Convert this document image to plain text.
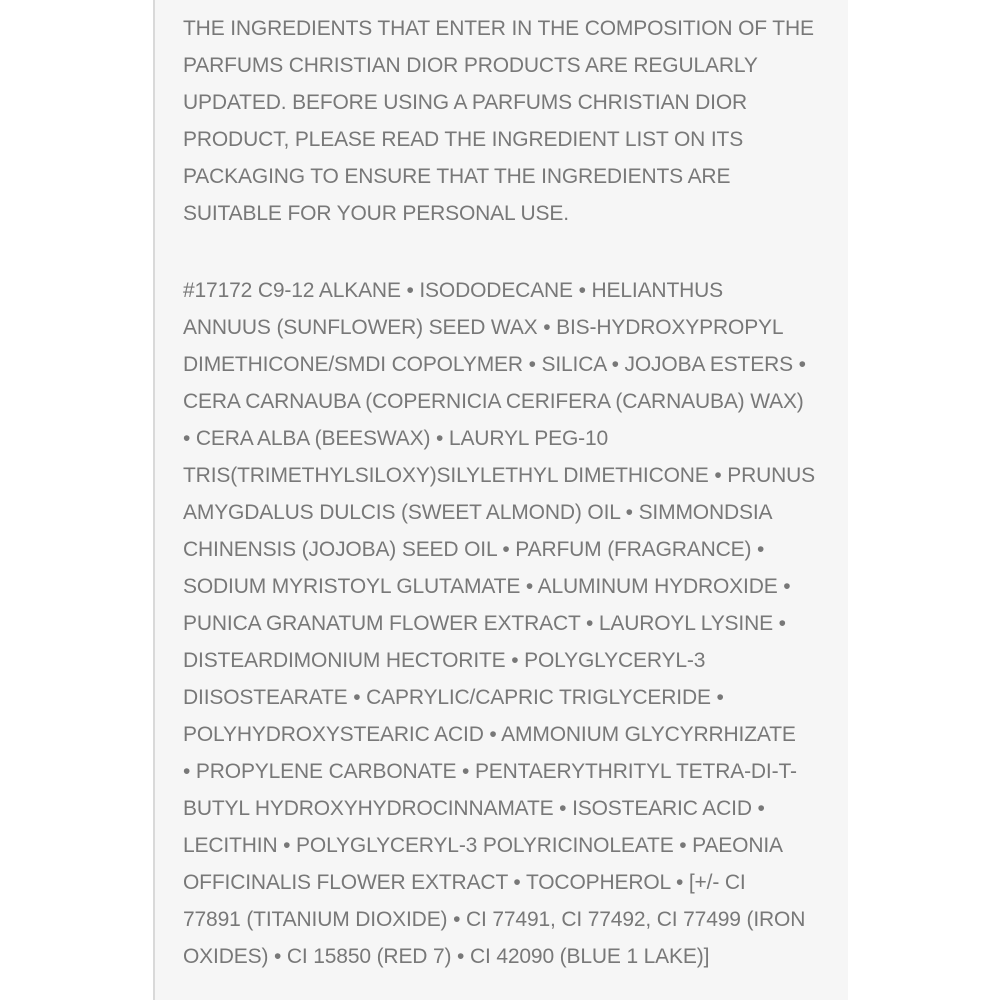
THE INGREDIENTS THAT ENTER IN THE COMPOSITION OF THE
PARFUMS CHRISTIAN DIOR PRODUCTS ARE REGULARLY
UPDATED. BEFORE USING A PARFUMS CHRISTIAN DIOR
PRODUCT, PLEASE READ THE INGREDIENT LIST ON ITS
PACKAGING TO ENSURE THAT THE INGREDIENTS ARE
SUITABLE FOR YOUR PERSONAL USE.
#17172 C9-12 ALKANE • ISODODECANE • HELIANTHUS
ANNUUS (SUNFLOWER) SEED WAX • BIS-HYDROXYPROPYL
DIMETHICONE/SMDI COPOLYMER • SILICA • JOJOBA ESTERS •
CERA CARNAUBA (COPERNICIA CERIFERA (CARNAUBA) WAX)
• CERA ALBA (BEESWAX) • LAURYL PEG-10
TRIS(TRIMETHYLSILOXY)SILYLETHYL DIMETHICONE • PRUNUS
AMYGDALUS DULCIS (SWEET ALMOND) OIL • SIMMONDSIA
CHINENSIS (JOJOBA) SEED OIL • PARFUM (FRAGRANCE) •
SODIUM MYRISTOYL GLUTAMATE • ALUMINUM HYDROXIDE •
PUNICA GRANATUM FLOWER EXTRACT • LAUROYL LYSINE •
DISTEARDIMONIUM HECTORITE • POLYGLYCERYL-3
DIISOSTEARATE • CAPRYLIC/CAPRIC TRIGLYCERIDE •
POLYHYDROXYSTEARIC ACID • AMMONIUM GLYCYRRHIZATE
• PROPYLENE CARBONATE • PENTAERYTHRITYL TETRA-DI-T-
BUTYL HYDROXYHYDROCINNAMATE • ISOSTEARIC ACID •
LECITHIN • POLYGLYCERYL-3 POLYRICINOLEATE • PAEONIA
OFFICINALIS FLOWER EXTRACT • TOCOPHEROL • [+/- CI
77891 (TITANIUM DIOXIDE) • CI 77491, CI 77492, CI 77499 (IRON
OXIDES) • CI 15850 (RED 7) • CI 42090 (BLUE 1 LAKE)]
